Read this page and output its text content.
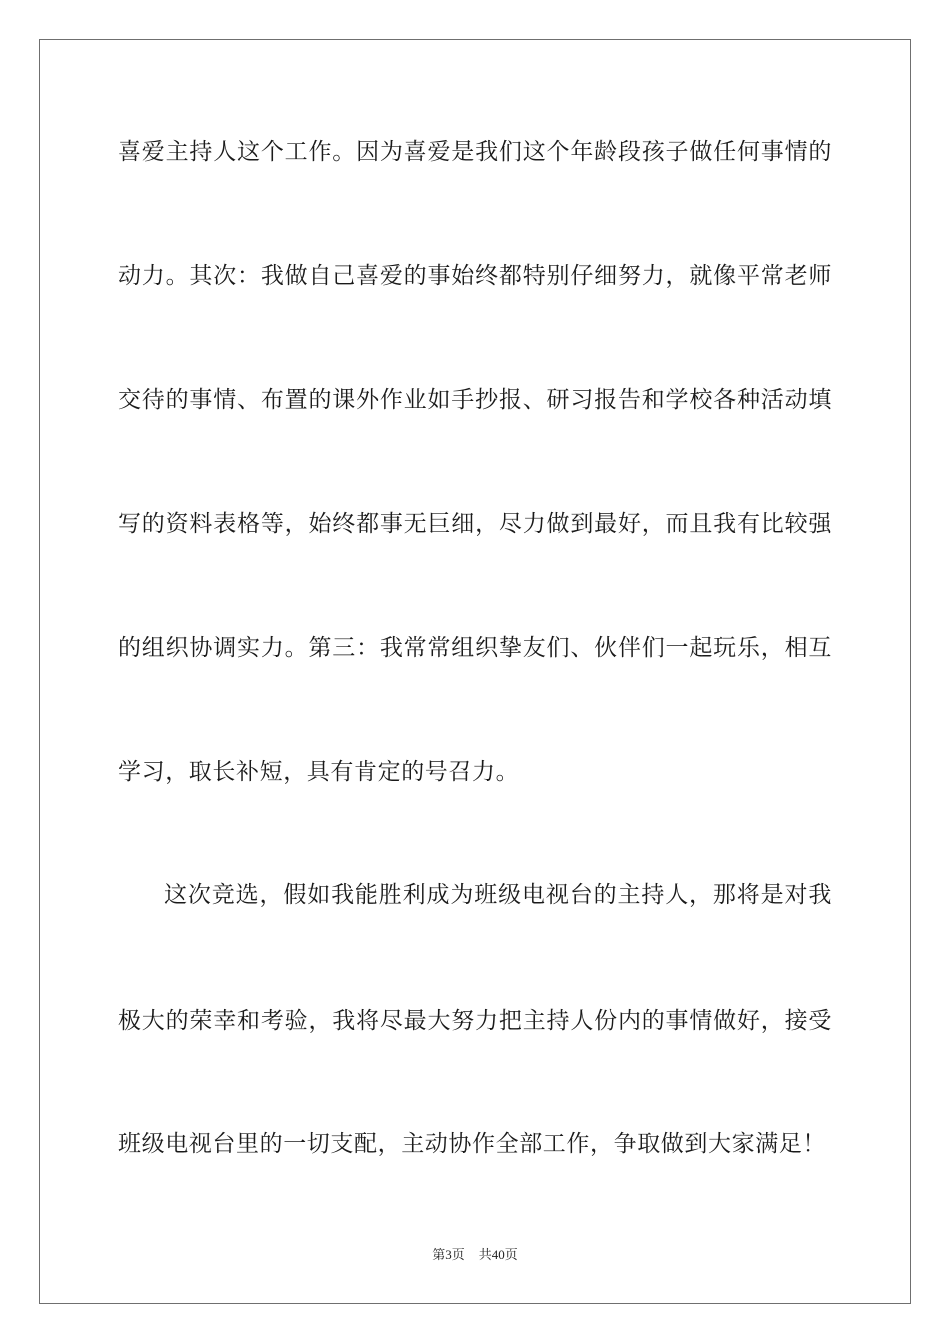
喜爱主持人这个工作。因为喜爱是我们这个年龄段孩子做任何事情的
动力。其次：我做自己喜爱的事始终都特别仔细努力，就像平常老师
交待的事情、布置的课外作业如手抄报、研习报告和学校各种活动填
写的资料表格等，始终都事无巨细，尽力做到最好，而且我有比较强
的组织协调实力。第三：我常常组织挚友们、伙伴们一起玩乐，相互
学习，取长补短，具有肯定的号召力。
这次竞选，假如我能胜利成为班级电视台的主持人，那将是对我
极大的荣幸和考验，我将尽最大努力把主持人份内的事情做好，接受
班级电视台里的一切支配，主动协作全部工作，争取做到大家满足！
第3页 共40页
